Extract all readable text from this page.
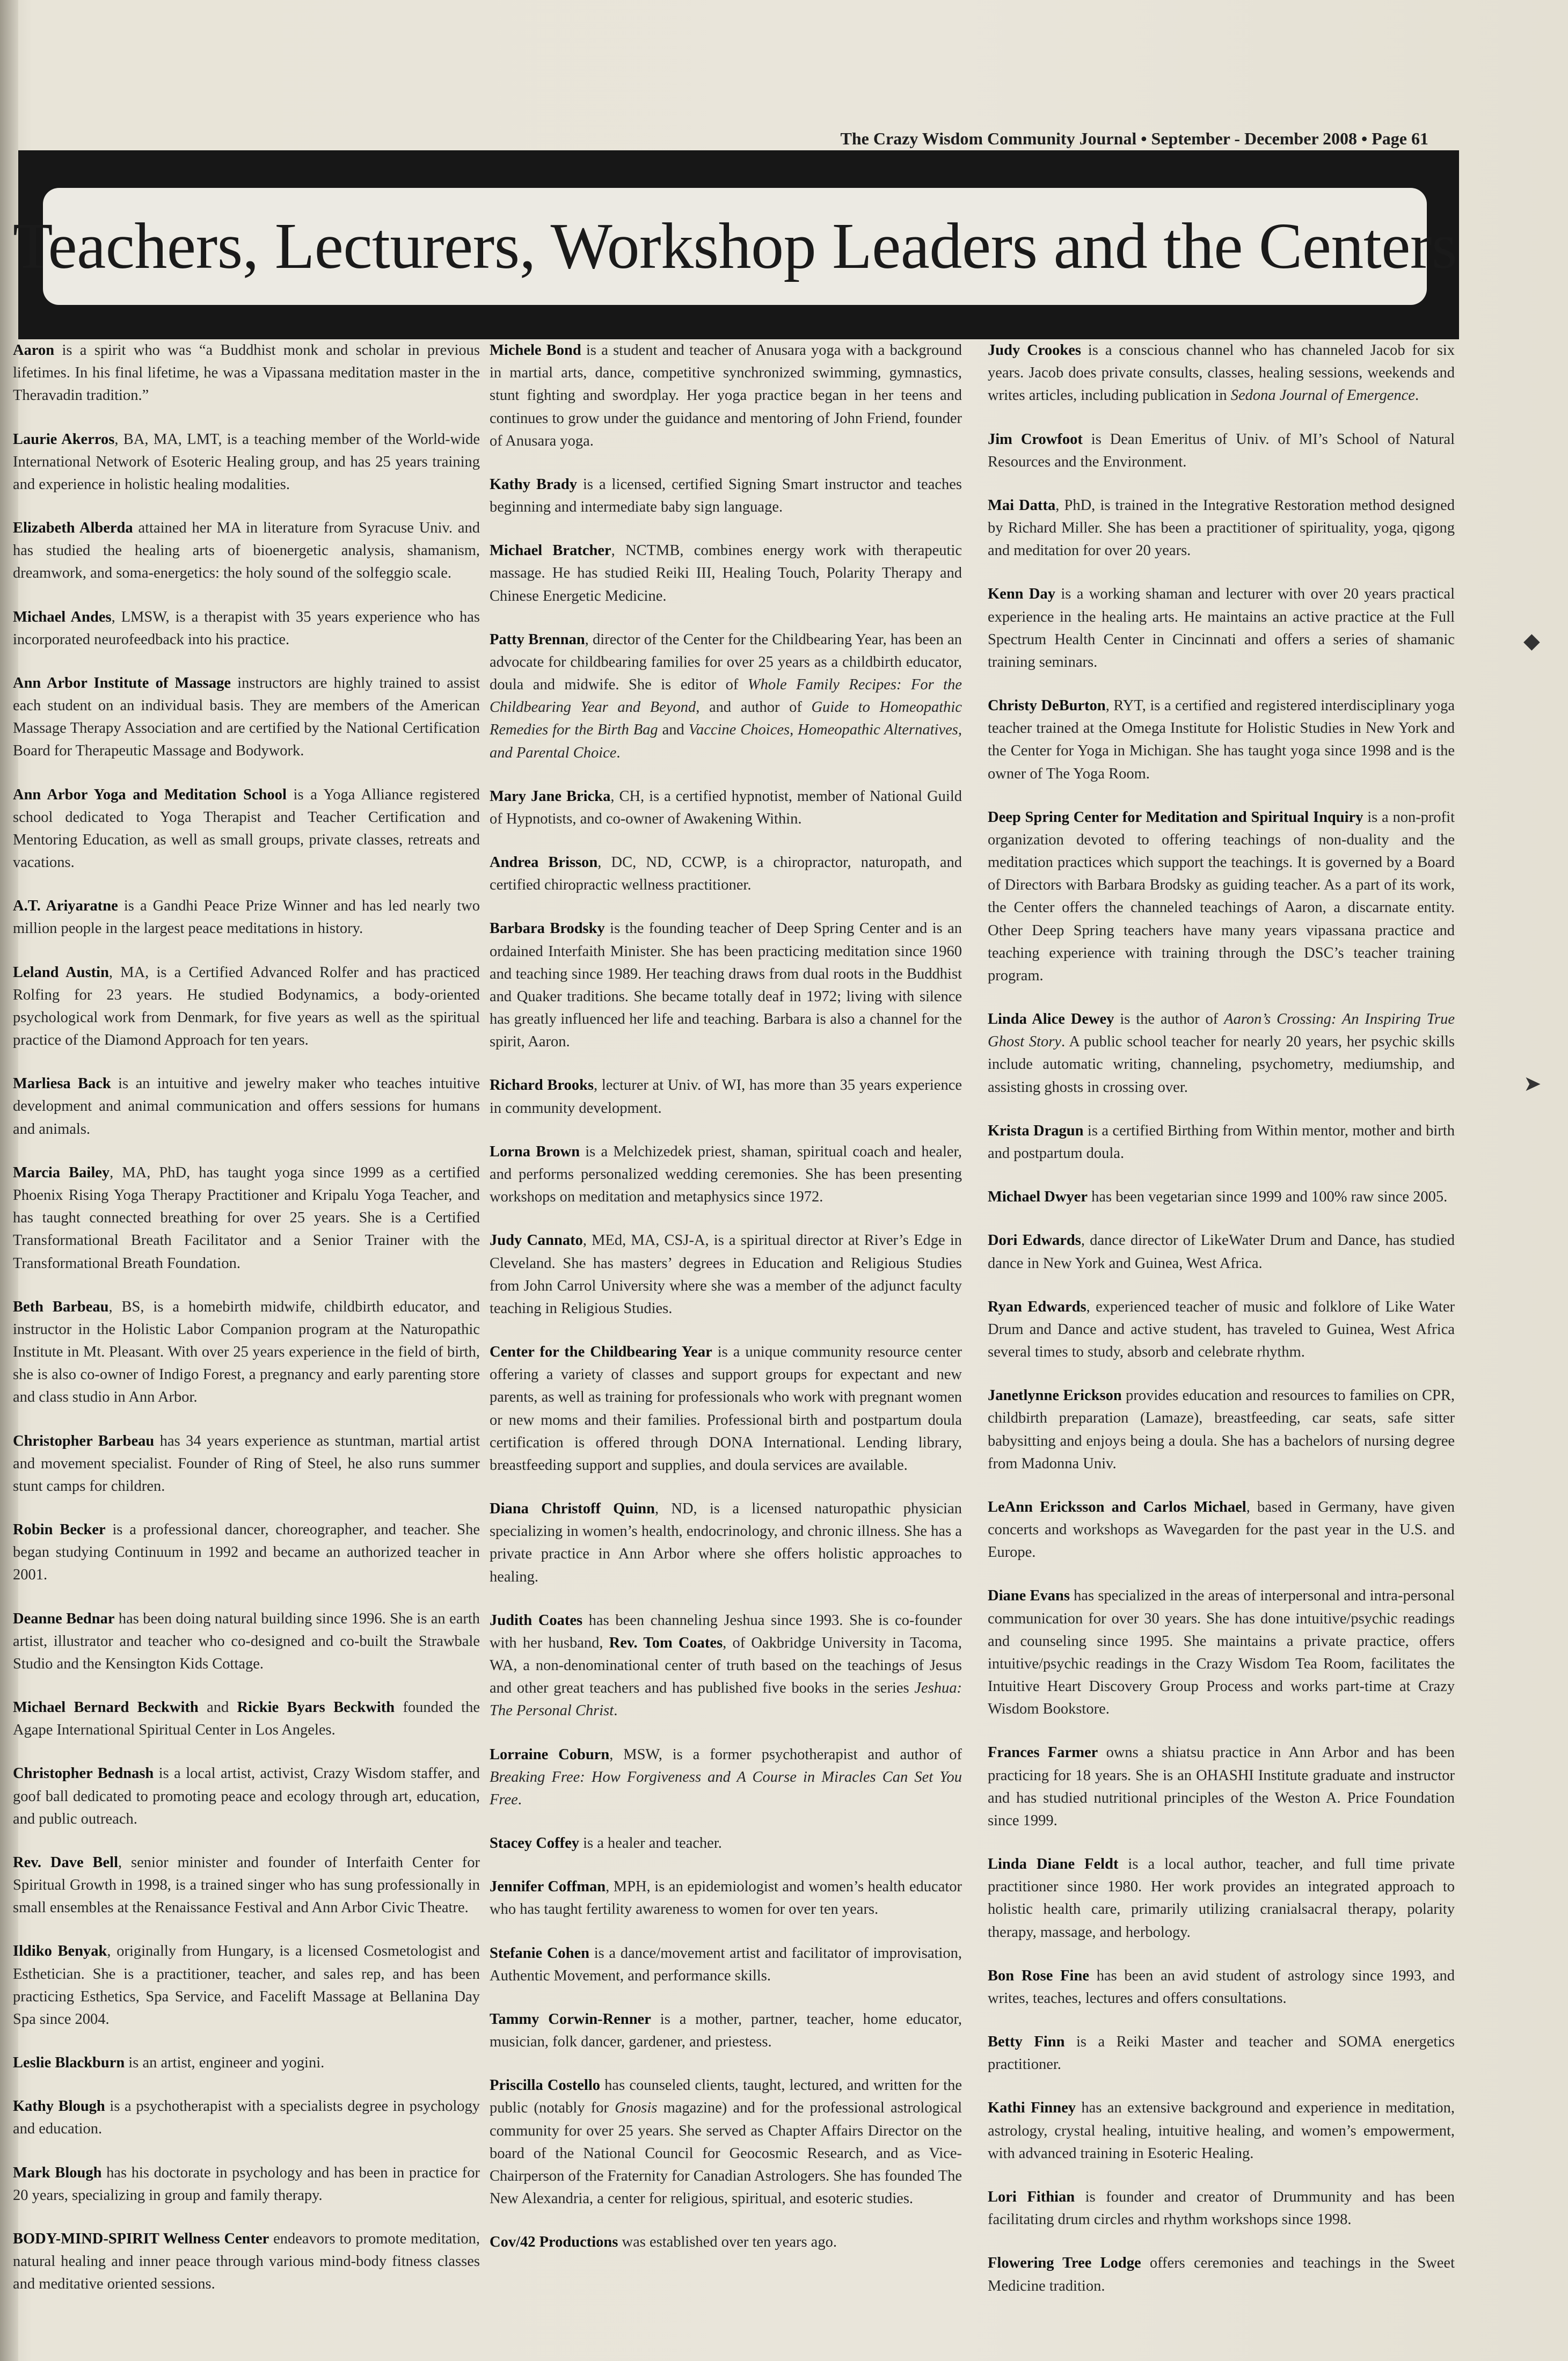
The Crazy Wisdom Community Journal • September - December 2008 • Page 61
Teachers, Lecturers, Workshop Leaders and the Centers

Aaron is a spirit who was “a Buddhist monk and scholar in previous lifetimes. In his final lifetime, he was a Vipassana meditation master in the Theravadin tradition.”

Laurie Akerros, BA, MA, LMT, is a teaching member of the World-wide International Network of Esoteric Healing group, and has 25 years training and experience in holistic healing modalities.

Elizabeth Alberda attained her MA in literature from Syracuse Univ. and has studied the healing arts of bioenergetic analysis, shamanism, dreamwork, and soma-energetics: the holy sound of the solfeggio scale.

Michael Andes, LMSW, is a therapist with 35 years experience who has incorporated neurofeedback into his practice.

Ann Arbor Institute of Massage instructors are highly trained to assist each student on an individual basis. They are members of the American Massage Therapy Association and are certified by the National Certification Board for Therapeutic Massage and Bodywork.

Ann Arbor Yoga and Meditation School is a Yoga Alliance registered school dedicated to Yoga Therapist and Teacher Certification and Mentoring Education, as well as small groups, private classes, retreats and vacations.

A.T. Ariyaratne is a Gandhi Peace Prize Winner and has led nearly two million people in the largest peace meditations in history.

Leland Austin, MA, is a Certified Advanced Rolfer and has practiced Rolfing for 23 years. He studied Bodynamics, a body-oriented psychological work from Denmark, for five years as well as the spiritual practice of the Diamond Approach for ten years.

Marliesa Back is an intuitive and jewelry maker who teaches intuitive development and animal communication and offers sessions for humans and animals.

Marcia Bailey, MA, PhD, has taught yoga since 1999 as a certified Phoenix Rising Yoga Therapy Practitioner and Kripalu Yoga Teacher, and has taught connected breathing for over 25 years. She is a Certified Transformational Breath Facilitator and a Senior Trainer with the Transformational Breath Foundation.

Beth Barbeau, BS, is a homebirth midwife, childbirth educator, and instructor in the Holistic Labor Companion program at the Naturopathic Institute in Mt. Pleasant. With over 25 years experience in the field of birth, she is also co-owner of Indigo Forest, a pregnancy and early parenting store and class studio in Ann Arbor.

Christopher Barbeau has 34 years experience as stuntman, martial artist and movement specialist. Founder of Ring of Steel, he also runs summer stunt camps for children.

Robin Becker is a professional dancer, choreographer, and teacher. She began studying Continuum in 1992 and became an authorized teacher in 2001.

Deanne Bednar has been doing natural building since 1996. She is an earth artist, illustrator and teacher who co-designed and co-built the Strawbale Studio and the Kensington Kids Cottage.

Michael Bernard Beckwith and Rickie Byars Beckwith founded the Agape International Spiritual Center in Los Angeles.

Christopher Bednash is a local artist, activist, Crazy Wisdom staffer, and goof ball dedicated to promoting peace and ecology through art, education, and public outreach.

Rev. Dave Bell, senior minister and founder of Interfaith Center for Spiritual Growth in 1998, is a trained singer who has sung professionally in small ensembles at the Renaissance Festival and Ann Arbor Civic Theatre.

Ildiko Benyak, originally from Hungary, is a licensed Cosmetologist and Esthetician. She is a practitioner, teacher, and sales rep, and has been practicing Esthetics, Spa Service, and Facelift Massage at Bellanina Day Spa since 2004.

Leslie Blackburn is an artist, engineer and yogini.

Kathy Blough is a psychotherapist with a specialists degree in psychology and education.

Mark Blough has his doctorate in psychology and has been in practice for 20 years, specializing in group and family therapy.

BODY-MIND-SPIRIT Wellness Center endeavors to promote meditation, natural healing and inner peace through various mind-body fitness classes and meditative oriented sessions.

Michele Bond is a student and teacher of Anusara yoga with a background in martial arts, dance, competitive synchronized swimming, gymnastics, stunt fighting and swordplay. Her yoga practice began in her teens and continues to grow under the guidance and mentoring of John Friend, founder of Anusara yoga.

Kathy Brady is a licensed, certified Signing Smart instructor and teaches beginning and intermediate baby sign language.

Michael Bratcher, NCTMB, combines energy work with therapeutic massage. He has studied Reiki III, Healing Touch, Polarity Therapy and Chinese Energetic Medicine.

Patty Brennan, director of the Center for the Childbearing Year, has been an advocate for childbearing families for over 25 years as a childbirth educator, doula and midwife. She is editor of Whole Family Recipes: For the Childbearing Year and Beyond, and author of Guide to Homeopathic Remedies for the Birth Bag and Vaccine Choices, Homeopathic Alternatives, and Parental Choice.

Mary Jane Bricka, CH, is a certified hypnotist, member of National Guild of Hypnotists, and co-owner of Awakening Within.

Andrea Brisson, DC, ND, CCWP, is a chiropractor, naturopath, and certified chiropractic wellness practitioner.

Barbara Brodsky is the founding teacher of Deep Spring Center and is an ordained Interfaith Minister. She has been practicing meditation since 1960 and teaching since 1989. Her teaching draws from dual roots in the Buddhist and Quaker traditions. She became totally deaf in 1972; living with silence has greatly influenced her life and teaching. Barbara is also a channel for the spirit, Aaron.

Richard Brooks, lecturer at Univ. of WI, has more than 35 years experience in community development.

Lorna Brown is a Melchizedek priest, shaman, spiritual coach and healer, and performs personalized wedding ceremonies. She has been presenting workshops on meditation and metaphysics since 1972.

Judy Cannato, MEd, MA, CSJ-A, is a spiritual director at River’s Edge in Cleveland. She has masters’ degrees in Education and Religious Studies from John Carrol University where she was a member of the adjunct faculty teaching in Religious Studies.

Center for the Childbearing Year is a unique community resource center offering a variety of classes and support groups for expectant and new parents, as well as training for professionals who work with pregnant women or new moms and their families. Professional birth and postpartum doula certification is offered through DONA International. Lending library, breastfeeding support and supplies, and doula services are available.

Diana Christoff Quinn, ND, is a licensed naturopathic physician specializing in women’s health, endocrinology, and chronic illness. She has a private practice in Ann Arbor where she offers holistic approaches to healing.

Judith Coates has been channeling Jeshua since 1993. She is co-founder with her husband, Rev. Tom Coates, of Oakbridge University in Tacoma, WA, a non-denominational center of truth based on the teachings of Jesus and other great teachers and has published five books in the series Jeshua: The Personal Christ.

Lorraine Coburn, MSW, is a former psychotherapist and author of Breaking Free: How Forgiveness and A Course in Miracles Can Set You Free.

Stacey Coffey is a healer and teacher.

Jennifer Coffman, MPH, is an epidemiologist and women’s health educator who has taught fertility awareness to women for over ten years.

Stefanie Cohen is a dance/movement artist and facilitator of improvisation, Authentic Movement, and performance skills.

Tammy Corwin-Renner is a mother, partner, teacher, home educator, musician, folk dancer, gardener, and priestess.

Priscilla Costello has counseled clients, taught, lectured, and written for the public (notably for Gnosis magazine) and for the professional astrological community for over 25 years. She served as Chapter Affairs Director on the board of the National Council for Geocosmic Research, and as Vice-Chairperson of the Fraternity for Canadian Astrologers. She has founded The New Alexandria, a center for religious, spiritual, and esoteric studies.

Cov/42 Productions was established over ten years ago.

Judy Crookes is a conscious channel who has channeled Jacob for six years. Jacob does private consults, classes, healing sessions, weekends and writes articles, including publication in Sedona Journal of Emergence.

Jim Crowfoot is Dean Emeritus of Univ. of MI’s School of Natural Resources and the Environment.

Mai Datta, PhD, is trained in the Integrative Restoration method designed by Richard Miller. She has been a practitioner of spirituality, yoga, qigong and meditation for over 20 years.

Kenn Day is a working shaman and lecturer with over 20 years practical experience in the healing arts. He maintains an active practice at the Full Spectrum Health Center in Cincinnati and offers a series of shamanic training seminars.

Christy DeBurton, RYT, is a certified and registered interdisciplinary yoga teacher trained at the Omega Institute for Holistic Studies in New York and the Center for Yoga in Michigan. She has taught yoga since 1998 and is the owner of The Yoga Room.

Deep Spring Center for Meditation and Spiritual Inquiry is a non-profit organization devoted to offering teachings of non-duality and the meditation practices which support the teachings. It is governed by a Board of Directors with Barbara Brodsky as guiding teacher. As a part of its work, the Center offers the channeled teachings of Aaron, a discarnate entity. Other Deep Spring teachers have many years vipassana practice and teaching experience with training through the DSC’s teacher training program.

Linda Alice Dewey is the author of Aaron’s Crossing: An Inspiring True Ghost Story. A public school teacher for nearly 20 years, her psychic skills include automatic writing, channeling, psychometry, mediumship, and assisting ghosts in crossing over.

Krista Dragun is a certified Birthing from Within mentor, mother and birth and postpartum doula.

Michael Dwyer has been vegetarian since 1999 and 100% raw since 2005.

Dori Edwards, dance director of LikeWater Drum and Dance, has studied dance in New York and Guinea, West Africa.

Ryan Edwards, experienced teacher of music and folklore of Like Water Drum and Dance and active student, has traveled to Guinea, West Africa several times to study, absorb and celebrate rhythm.

Janetlynne Erickson provides education and resources to families on CPR, childbirth preparation (Lamaze), breastfeeding, car seats, safe sitter babysitting and enjoys being a doula. She has a bachelors of nursing degree from Madonna Univ.

LeAnn Ericksson and Carlos Michael, based in Germany, have given concerts and workshops as Wavegarden for the past year in the U.S. and Europe.

Diane Evans has specialized in the areas of interpersonal and intra-personal communication for over 30 years. She has done intuitive/psychic readings and counseling since 1995. She maintains a private practice, offers intuitive/psychic readings in the Crazy Wisdom Tea Room, facilitates the Intuitive Heart Discovery Group Process and works part-time at Crazy Wisdom Bookstore.

Frances Farmer owns a shiatsu practice in Ann Arbor and has been practicing for 18 years. She is an OHASHI Institute graduate and instructor and has studied nutritional principles of the Weston A. Price Foundation since 1999.

Linda Diane Feldt is a local author, teacher, and full time private practitioner since 1980. Her work provides an integrated approach to holistic health care, primarily utilizing cranialsacral therapy, polarity therapy, massage, and herbology.

Bon Rose Fine has been an avid student of astrology since 1993, and writes, teaches, lectures and offers consultations.

Betty Finn is a Reiki Master and teacher and SOMA energetics practitioner.

Kathi Finney has an extensive background and experience in meditation, astrology, crystal healing, intuitive healing, and women’s empowerment, with advanced training in Esoteric Healing.

Lori Fithian is founder and creator of Drummunity and has been facilitating drum circles and rhythm workshops since 1998.

Flowering Tree Lodge offers ceremonies and teachings in the Sweet Medicine tradition.

◆
➤
